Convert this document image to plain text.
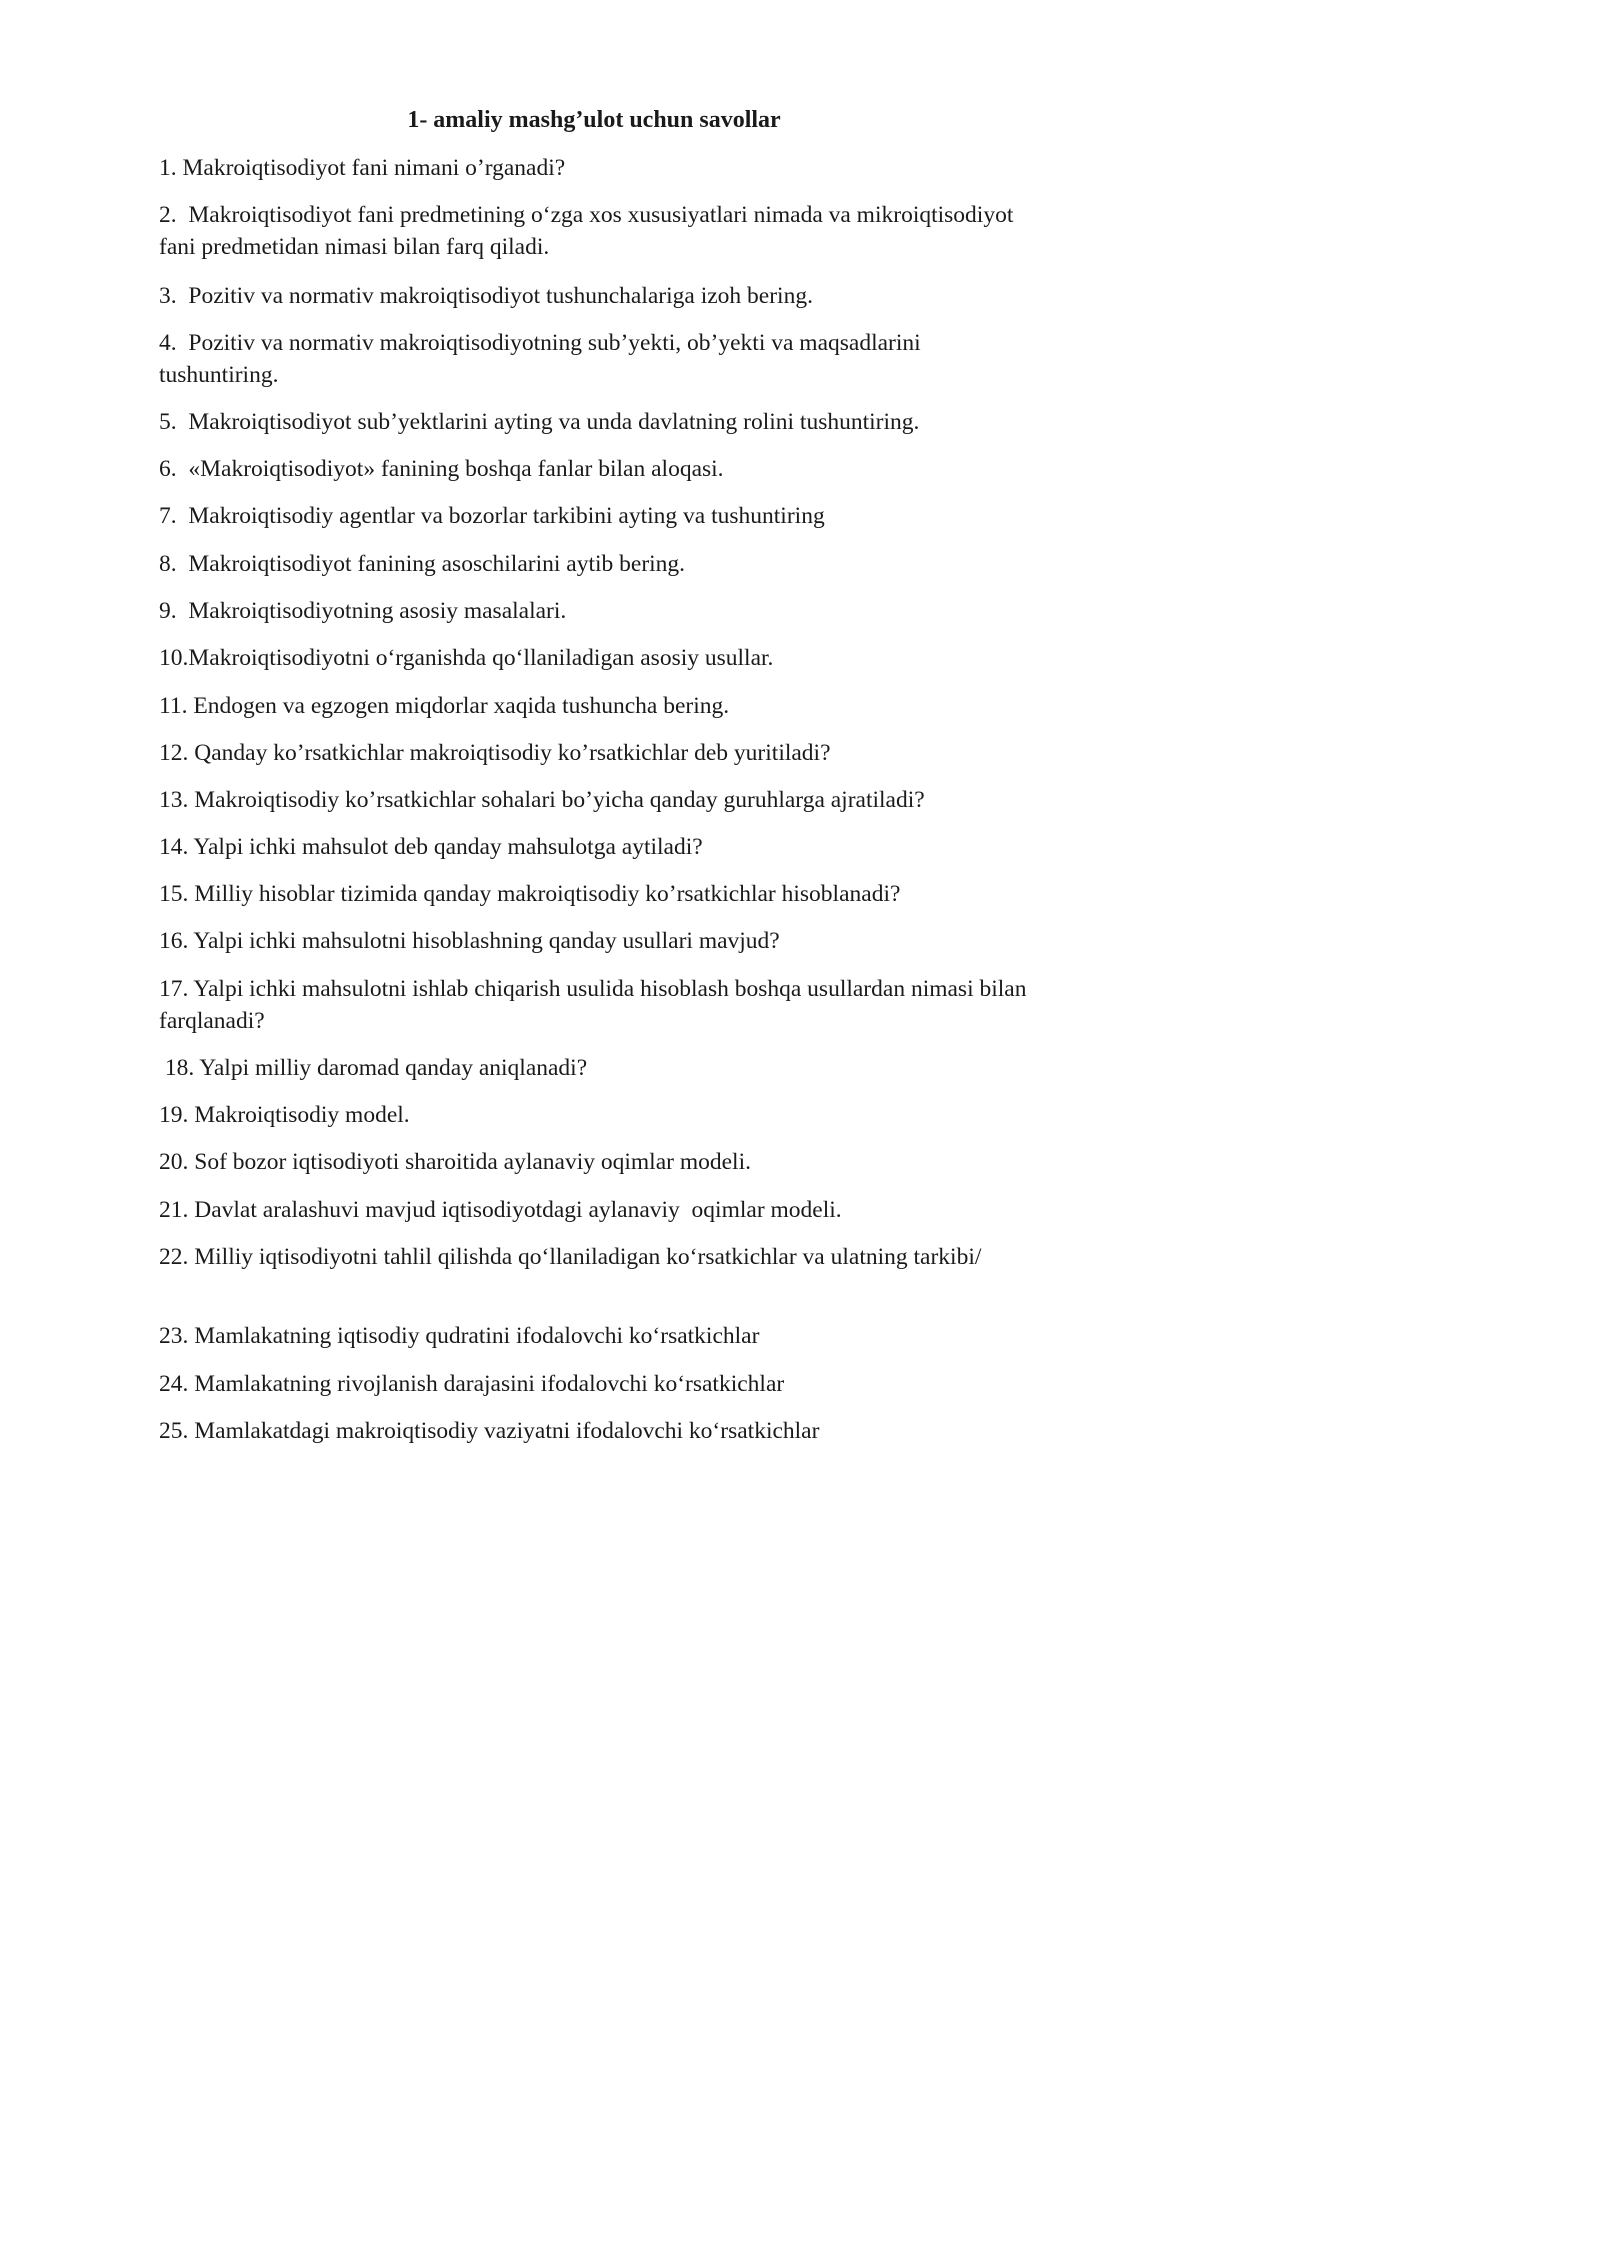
1- amaliy mashg’ulot uchun savollar
1. Makroiqtisodiyot fani nimani o’rganadi?
2.  Makroiqtisodiyot fani predmetining o‘zga xos xususiyatlari nimada va mikroiqtisodiyot fani predmetidan nimasi bilan farq qiladi.
3.  Pozitiv va normativ makroiqtisodiyot tushunchalariga izoh bering.
4.  Pozitiv va normativ makroiqtisodiyotning sub’yekti, ob’yekti va maqsadlarini tushuntiring.
5.  Makroiqtisodiyot sub’yektlarini ayting va unda davlatning rolini tushuntiring.
6.  «Makroiqtisodiyot» fanining boshqa fanlar bilan aloqasi.
7.  Makroiqtisodiy agentlar va bozorlar tarkibini ayting va tushuntiring
8.  Makroiqtisodiyot fanining asoschilarini aytib bering.
9.  Makroiqtisodiyotning asosiy masalalari.
10.Makroiqtisodiyotni o‘rganishda qo‘llaniladigan asosiy usullar.
11. Endogen va egzogen miqdorlar xaqida tushuncha bering.
12. Qanday ko’rsatkichlar makroiqtisodiy ko’rsatkichlar deb yuritiladi?
13. Makroiqtisodiy ko’rsatkichlar sohalari bo’yicha qanday guruhlarga ajratiladi?
14. Yalpi ichki mahsulot deb qanday mahsulotga aytiladi?
15. Milliy hisoblar tizimida qanday makroiqtisodiy ko’rsatkichlar hisoblanadi?
16. Yalpi ichki mahsulotni hisoblashning qanday usullari mavjud?
17. Yalpi ichki mahsulotni ishlab chiqarish usulida hisoblash boshqa usullardan nimasi bilan farqlanadi?
18. Yalpi milliy daromad qanday aniqlanadi?
19. Makroiqtisodiy model.
20. Sof bozor iqtisodiyoti sharoitida aylanaviy oqimlar modeli.
21. Davlat aralashuvi mavjud iqtisodiyotdagi aylanaviy  oqimlar modeli.
22. Milliy iqtisodiyotni tahlil qilishda qo‘llaniladigan ko‘rsatkichlar va ulatning tarkibi/
23. Mamlakatning iqtisodiy qudratini ifodalovchi ko‘rsatkichlar
24. Mamlakatning rivojlanish darajasini ifodalovchi ko‘rsatkichlar
25. Mamlakatdagi makroiqtisodiy vaziyatni ifodalovchi ko‘rsatkichlar
